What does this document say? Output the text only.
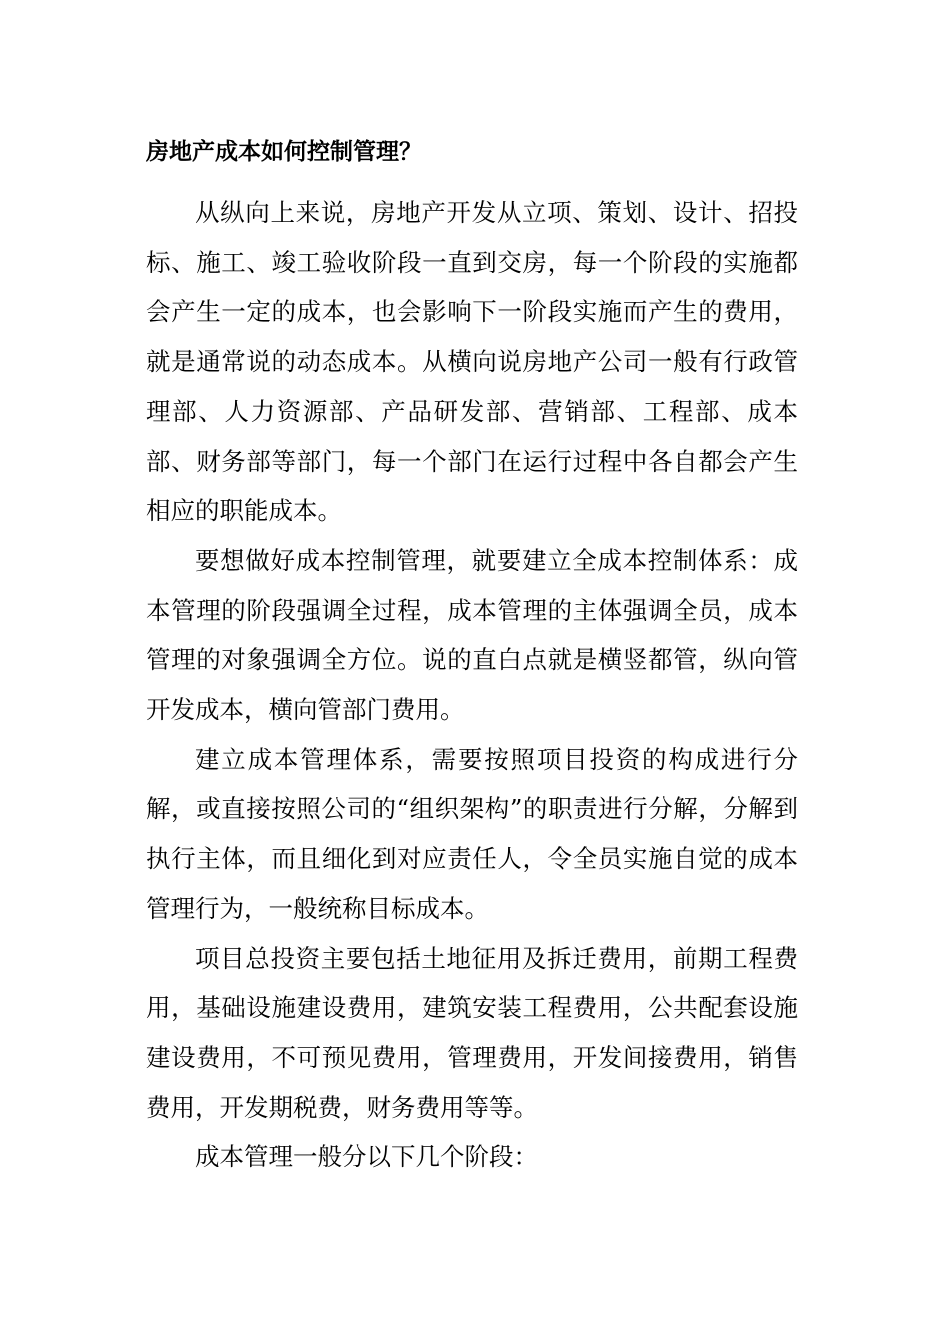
房地产成本如何控制管理？

从纵向上来说，房地产开发从立项、策划、设计、招投标、施工、竣工验收阶段一直到交房，每一个阶段的实施都会产生一定的成本，也会影响下一阶段实施而产生的费用，就是通常说的动态成本。从横向说房地产公司一般有行政管理部、人力资源部、产品研发部、营销部、工程部、成本部、财务部等部门，每一个部门在运行过程中各自都会产生相应的职能成本。

要想做好成本控制管理，就要建立全成本控制体系：成本管理的阶段强调全过程，成本管理的主体强调全员，成本管理的对象强调全方位。说的直白点就是横竖都管，纵向管开发成本，横向管部门费用。

建立成本管理体系，需要按照项目投资的构成进行分解，或直接按照公司的“组织架构”的职责进行分解，分解到执行主体，而且细化到对应责任人，令全员实施自觉的成本管理行为，一般统称目标成本。

项目总投资主要包括土地征用及拆迁费用，前期工程费用，基础设施建设费用，建筑安装工程费用，公共配套设施建设费用，不可预见费用，管理费用，开发间接费用，销售费用，开发期税费，财务费用等等。

成本管理一般分以下几个阶段：
